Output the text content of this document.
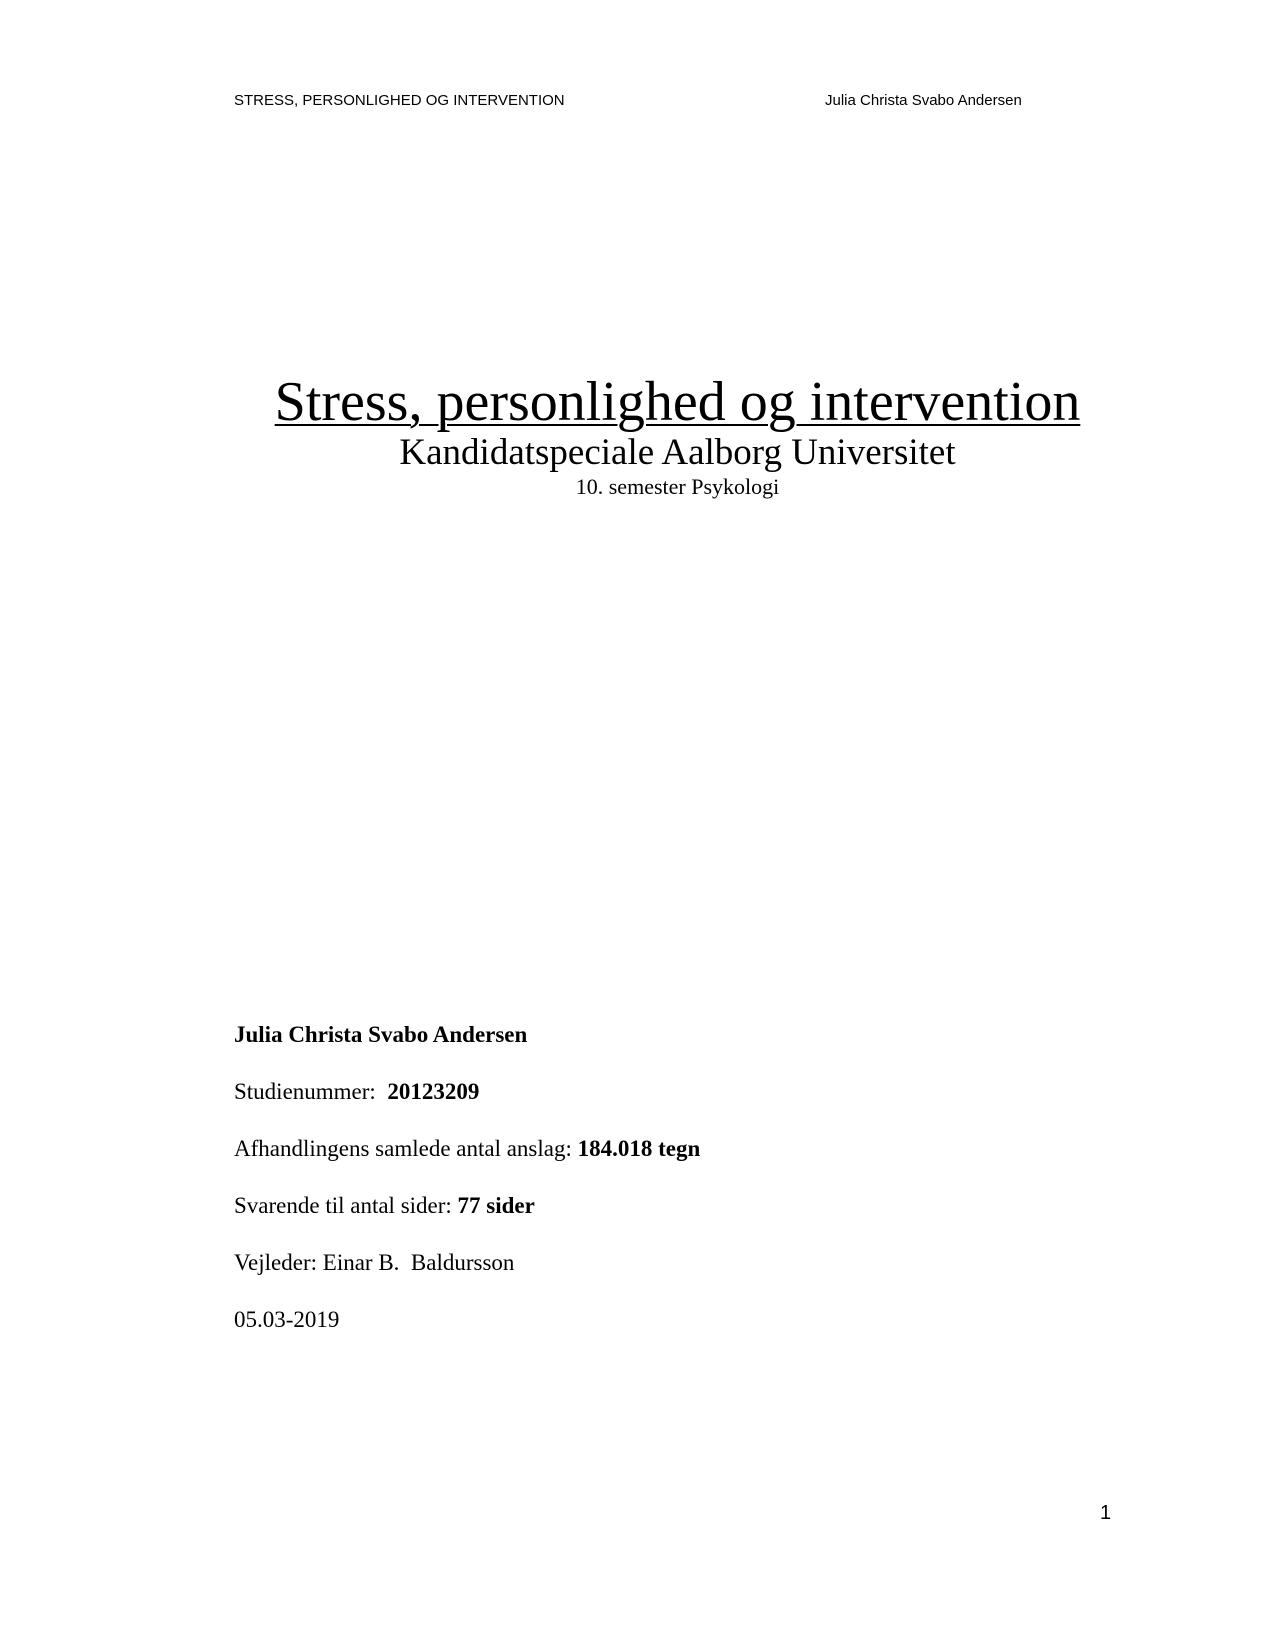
STRESS, PERSONLIGHED OG INTERVENTION	Julia Christa Svabo Andersen
Stress, personlighed og intervention
Kandidatspeciale Aalborg Universitet
10. semester Psykologi
Julia Christa Svabo Andersen
Studienummer:  20123209
Afhandlingens samlede antal anslag: 184.018 tegn
Svarende til antal sider: 77 sider
Vejleder: Einar B.  Baldursson
05.03-2019
1
